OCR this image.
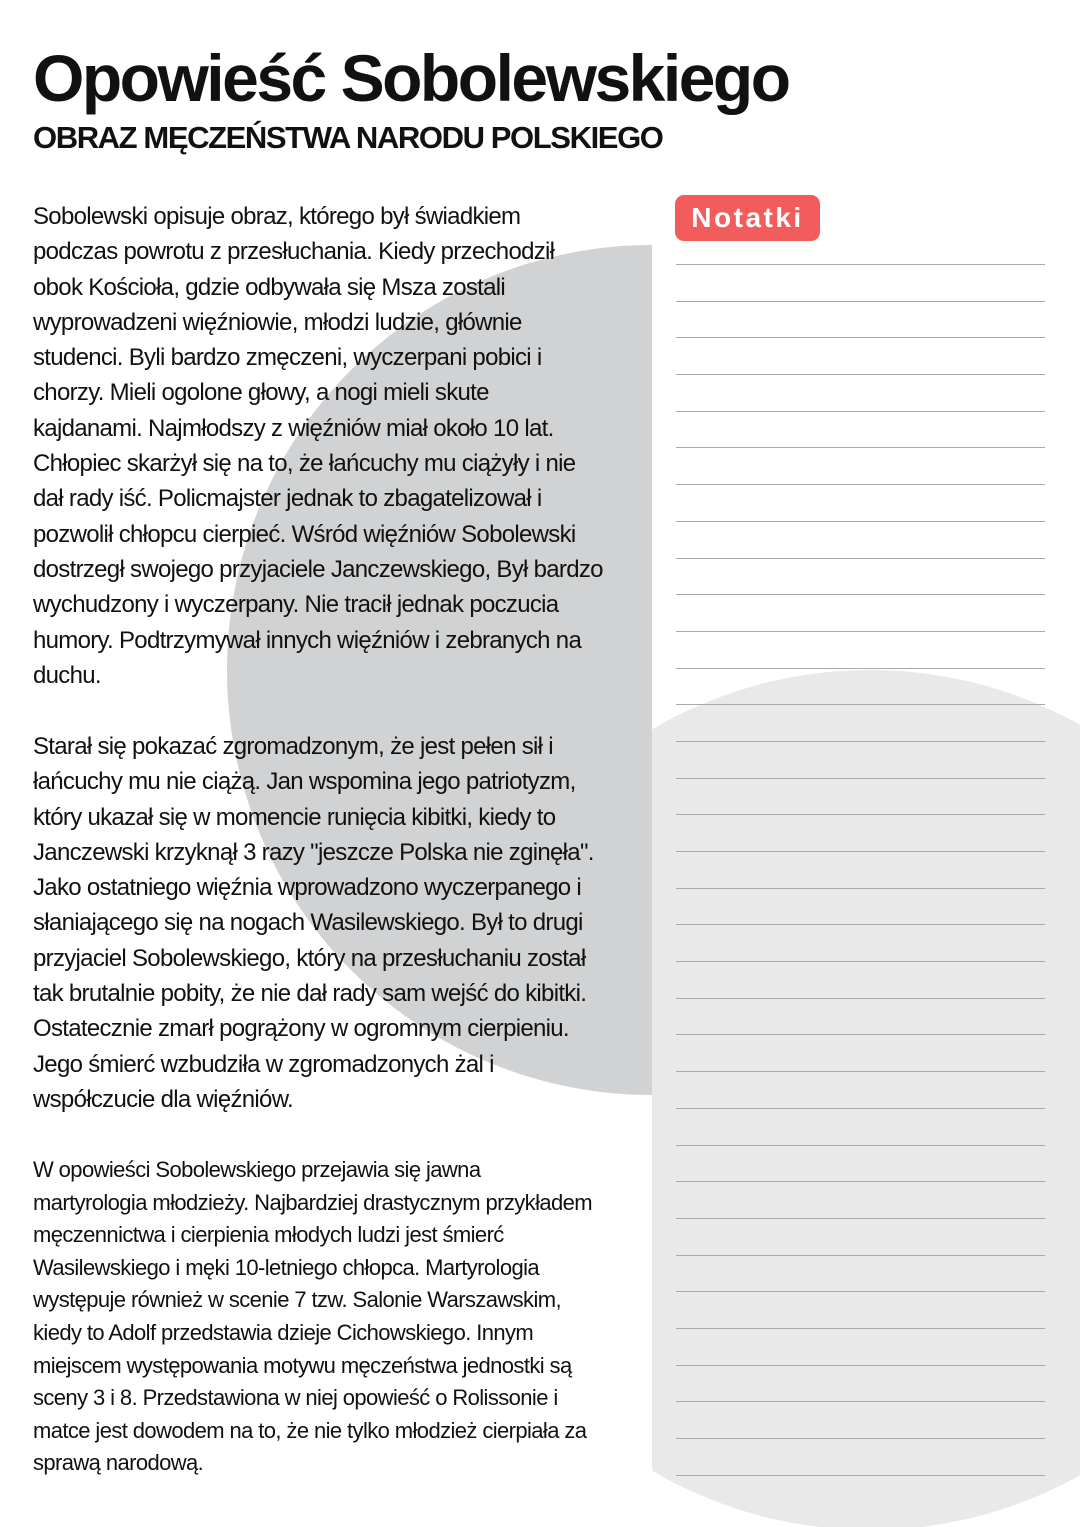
Opowieść Sobolewskiego
OBRAZ MĘCZEŃSTWA NARODU POLSKIEGO
Sobolewski opisuje obraz, którego był świadkiem
podczas powrotu z przesłuchania. Kiedy przechodził
obok Kościoła, gdzie odbywała się Msza zostali
wyprowadzeni więźniowie, młodzi ludzie, głównie
studenci. Byli bardzo zmęczeni, wyczerpani pobici i
chorzy. Mieli ogolone głowy, a nogi mieli skute
kajdanami. Najmłodszy z więźniów miał około 10 lat.
Chłopiec skarżył się na to, że łańcuchy mu ciążyły i nie
dał rady iść. Policmajster jednak to zbagatelizował i
pozwolił chłopcu cierpieć. Wśród więźniów Sobolewski
dostrzegł swojego przyjaciele Janczewskiego, Był bardzo
wychudzony i wyczerpany. Nie tracił jednak poczucia
humory. Podtrzymywał innych więźniów i zebranych na
duchu.
Starał się pokazać zgromadzonym, że jest pełen sił i
łańcuchy mu nie ciążą. Jan wspomina jego patriotyzm,
który ukazał się w momencie runięcia kibitki, kiedy to
Janczewski krzyknął 3 razy "jeszcze Polska nie zginęła".
Jako ostatniego więźnia wprowadzono wyczerpanego i
słaniającego się na nogach Wasilewskiego. Był to drugi
przyjaciel Sobolewskiego, który na przesłuchaniu został
tak brutalnie pobity, że nie dał rady sam wejść do kibitki.
Ostatecznie zmarł pogrążony w ogromnym cierpieniu.
Jego śmierć wzbudziła w zgromadzonych żal i
współczucie dla więźniów.
W opowieści Sobolewskiego przejawia się jawna
martyrologia młodzieży. Najbardziej drastycznym przykładem
męczennictwa i cierpienia młodych ludzi jest śmierć
Wasilewskiego i męki 10-letniego chłopca. Martyrologia
występuje również w scenie 7 tzw. Salonie Warszawskim,
kiedy to Adolf przedstawia dzieje Cichowskiego. Innym
miejscem występowania motywu męczeństwa jednostki są
sceny 3 i 8. Przedstawiona w niej opowieść o Rolissonie i
matce jest dowodem na to, że nie tylko młodzież cierpiała za
sprawą narodową.
Notatki
